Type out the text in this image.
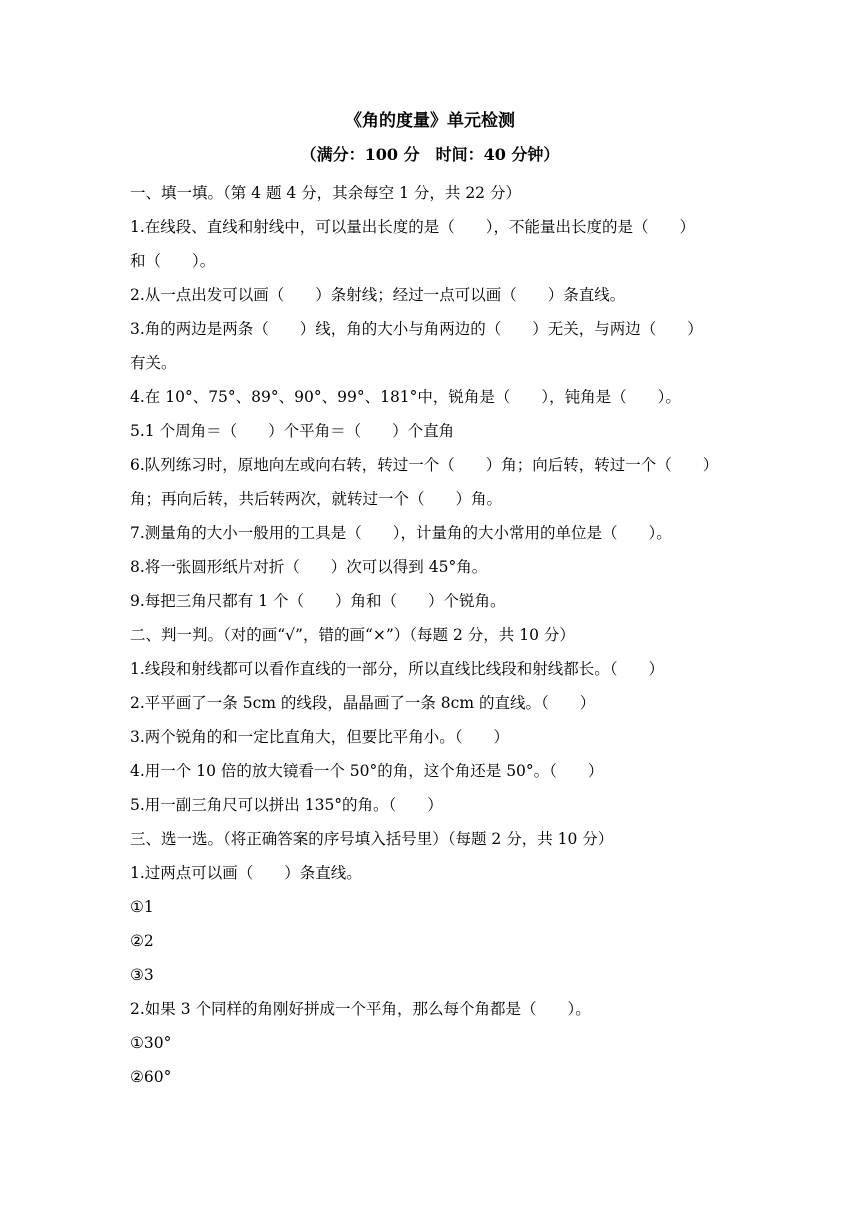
《角的度量》单元检测
（满分：100 分　时间：40 分钟）
一、填一填。（第 4 题 4 分，其余每空 1 分，共 22 分）
1.在线段、直线和射线中，可以量出长度的是（　　），不能量出长度的是（　　）
和（　　）。
2.从一点出发可以画（　　）条射线；经过一点可以画（　　）条直线。
3.角的两边是两条（　　）线，角的大小与角两边的（　　）无关，与两边（　　）
有关。
4.在 10°、75°、89°、90°、99°、181°中，锐角是（　　），钝角是（　　）。
5.1 个周角＝（　　）个平角＝（　　）个直角
6.队列练习时，原地向左或向右转，转过一个（　　）角；向后转，转过一个（　　）
角；再向后转，共后转两次，就转过一个（　　）角。
7.测量角的大小一般用的工具是（　　），计量角的大小常用的单位是（　　）。
8.将一张圆形纸片对折（　　）次可以得到 45°角。
9.每把三角尺都有 1 个（　　）角和（　　）个锐角。
二、判一判。（对的画“√”，错的画“×”）（每题 2 分，共 10 分）
1.线段和射线都可以看作直线的一部分，所以直线比线段和射线都长。（　　）
2.平平画了一条 5cm 的线段，晶晶画了一条 8cm 的直线。（　　）
3.两个锐角的和一定比直角大，但要比平角小。（　　）
4.用一个 10 倍的放大镜看一个 50°的角，这个角还是 50°。（　　）
5.用一副三角尺可以拼出 135°的角。（　　）
三、选一选。（将正确答案的序号填入括号里）（每题 2 分，共 10 分）
1.过两点可以画（　　）条直线。
①1
②2
③3
2.如果 3 个同样的角刚好拼成一个平角，那么每个角都是（　　）。
①30°
②60°
